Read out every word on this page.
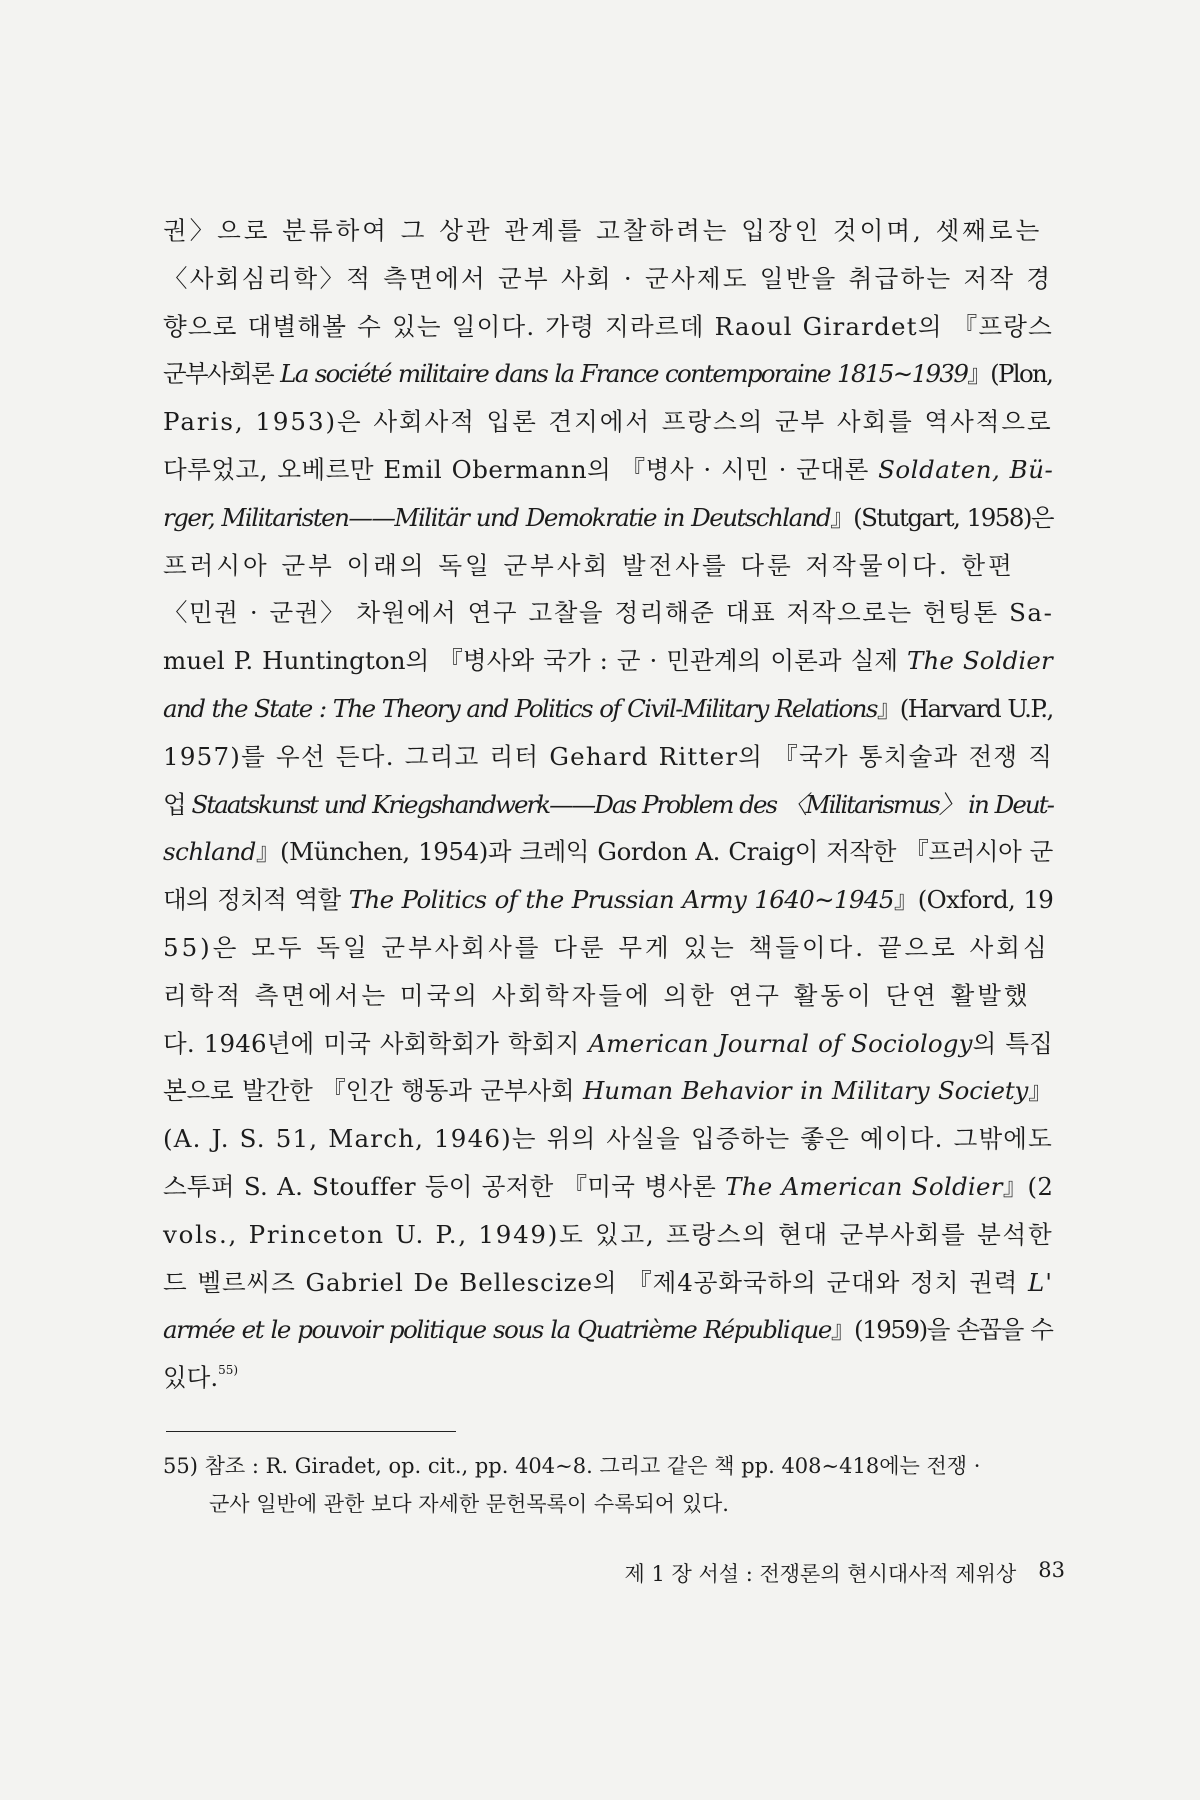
권〉으로 분류하여 그 상관 관계를 고찰하려는 입장인 것이며, 셋째로는
〈사회심리학〉적 측면에서 군부 사회 · 군사제도 일반을 취급하는 저작 경
향으로 대별해볼 수 있는 일이다. 가령 지라르데 Raoul Girardet의 『프랑스
군부사회론 La société militaire dans la France contemporaine 1815∼1939』(Plon,
Paris, 1953)은 사회사적 입론 견지에서 프랑스의 군부 사회를 역사적으로
다루었고, 오베르만 Emil Obermann의 『병사 · 시민 · 군대론 Soldaten, Bü-
rger, Militaristen——Militär und Demokratie in Deutschland』(Stutgart, 1958)은
프러시아 군부 이래의 독일 군부사회 발전사를 다룬 저작물이다. 한편
〈민권 · 군권〉 차원에서 연구 고찰을 정리해준 대표 저작으로는 헌팅톤 Sa-
muel P. Huntington의 『병사와 국가 : 군 · 민관계의 이론과 실제 The Soldier
and the State : The Theory and Politics of Civil-Military Relations』(Harvard U.P.,
1957)를 우선 든다. 그리고 리터 Gehard Ritter의 『국가 통치술과 전쟁 직
업 Staatskunst und Kriegshandwerk——Das Problem des 〈Militarismus〉 in Deut-
schland』(München, 1954)과 크레익 Gordon A. Craig이 저작한 『프러시아 군
대의 정치적 역할 The Politics of the Prussian Army 1640∼1945』(Oxford, 19
55)은 모두 독일 군부사회사를 다룬 무게 있는 책들이다. 끝으로 사회심
리학적 측면에서는 미국의 사회학자들에 의한 연구 활동이 단연 활발했
다. 1946년에 미국 사회학회가 학회지 American Journal of Sociology의 특집
본으로 발간한 『인간 행동과 군부사회 Human Behavior in Military Society』
(A. J. S. 51, March, 1946)는 위의 사실을 입증하는 좋은 예이다. 그밖에도
스투퍼 S. A. Stouffer 등이 공저한 『미국 병사론 The American Soldier』(2
vols., Princeton U. P., 1949)도 있고, 프랑스의 현대 군부사회를 분석한
드 벨르씨즈 Gabriel De Bellescize의 『제4공화국하의 군대와 정치 권력 L'
armée et le pouvoir politique sous la Quatrième République』(1959)을 손꼽을 수
있다.$^{55)}$
55) 참조 : R. Giradet, op. cit., pp. 404∼8. 그리고 같은 책 pp. 408∼418에는 전쟁 ·
군사 일반에 관한 보다 자세한 문헌목록이 수록되어 있다.
제 1 장 서설 : 전쟁론의 현시대사적 제위상 83
